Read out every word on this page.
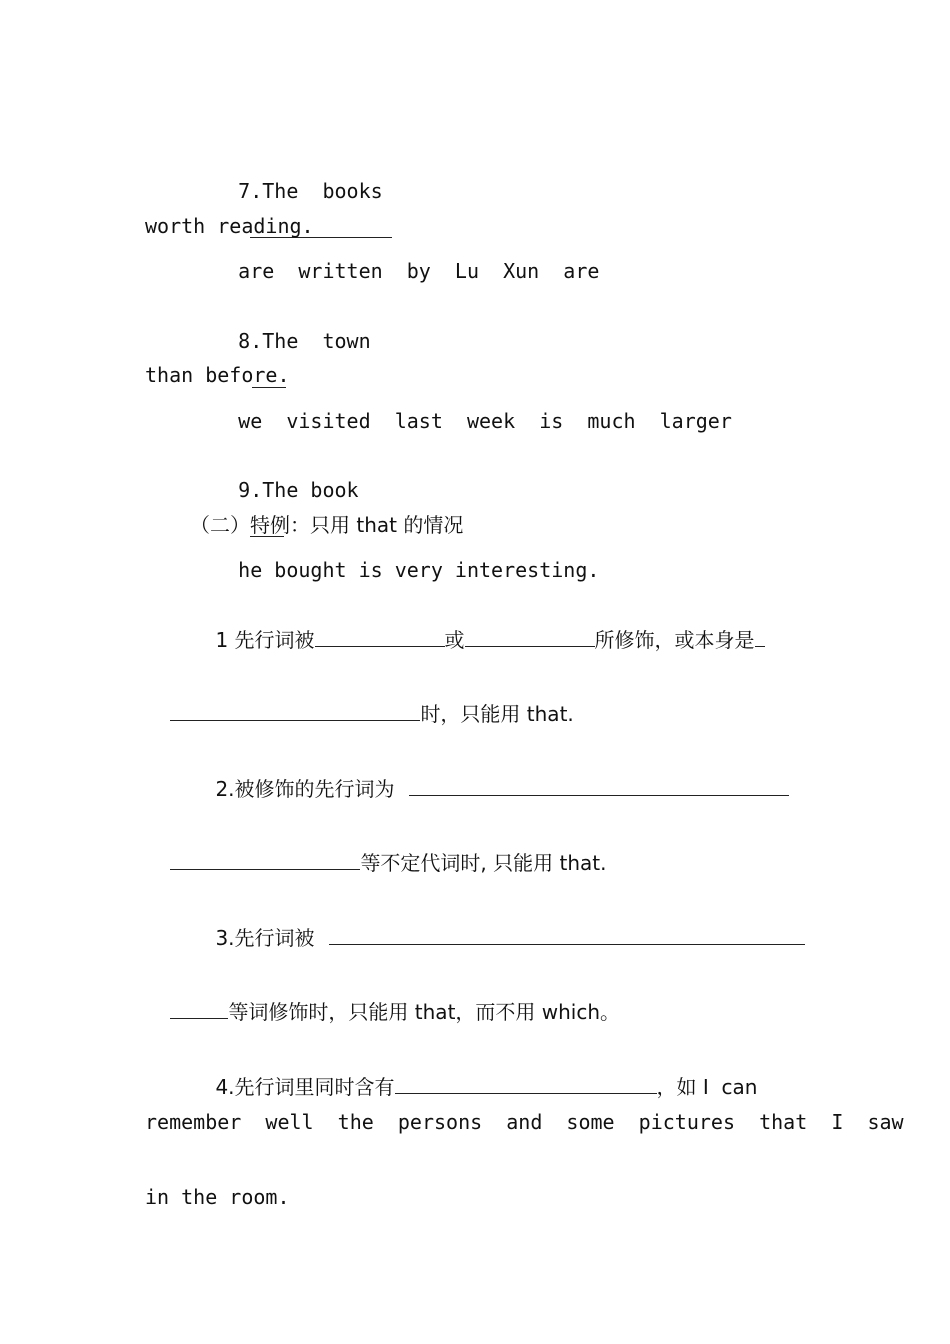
7.The  books

are  written  by  Lu  Xun  are

worth reading.

8.The  town

we  visited  last  week  is  much  larger

than before.

9.The book

he bought is very interesting.

（二）特例：只用 that 的情况

1 先行词被	或	所修饰，或本身是

时，只能用 that.

2.被修饰的先行词为

等不定代词时, 只能用 that.

3.先行词被

等词修饰时，只能用 that，而不用 which。

4.先行词里同时含有	，如 I  can

remember  well  the  persons  and  some  pictures  that  I  saw
in the room.
